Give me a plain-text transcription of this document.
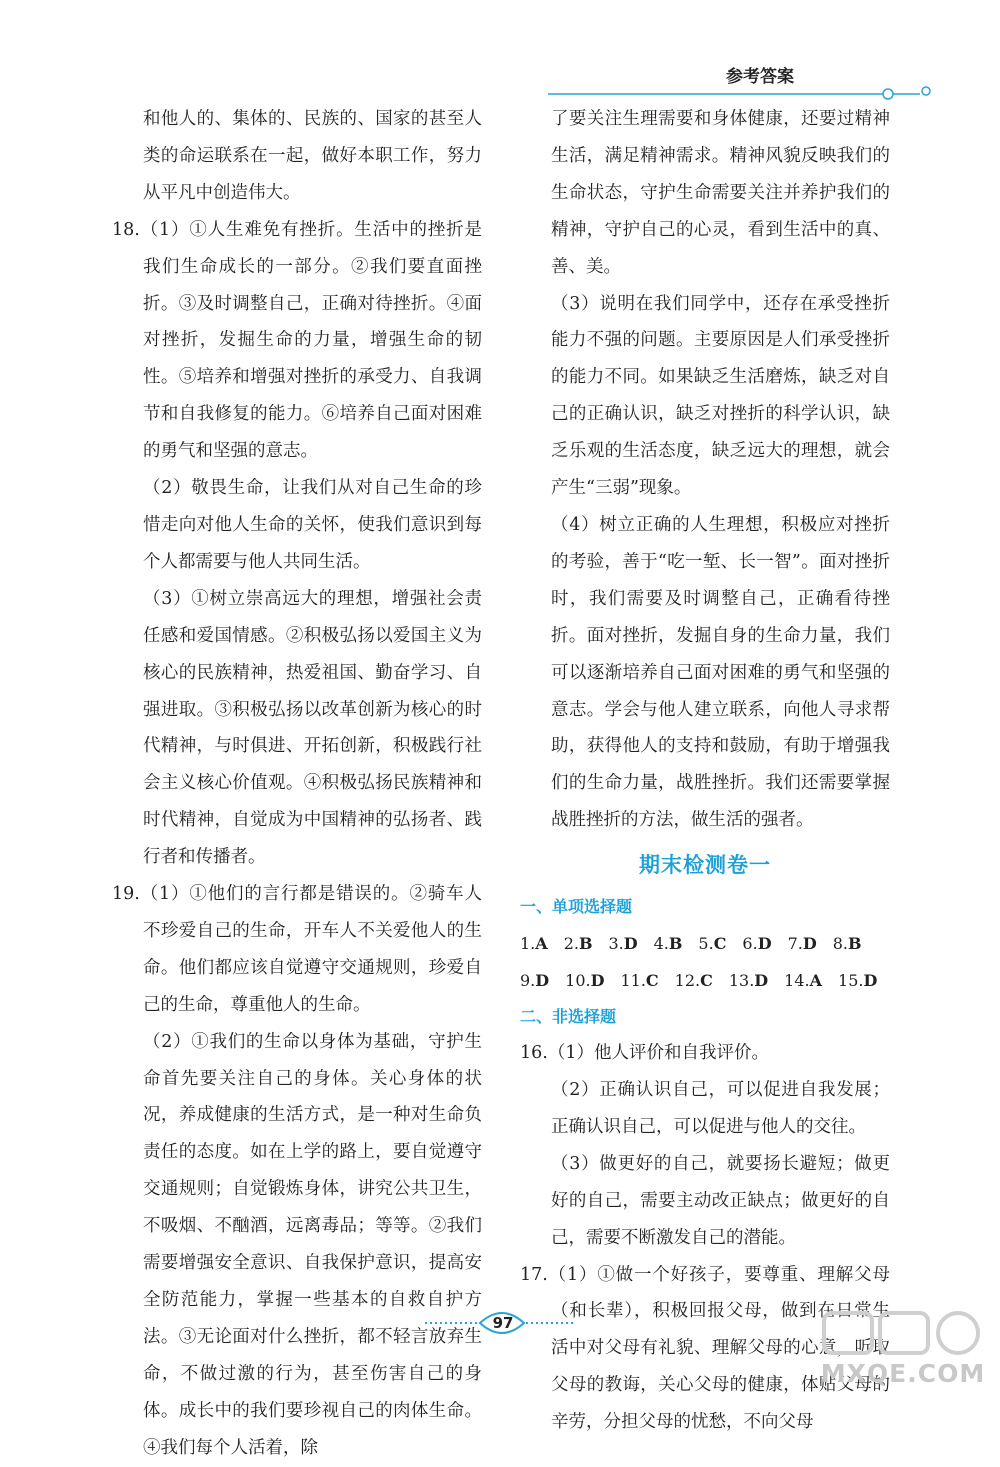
参考答案

和他人的、集体的、民族的、国家的甚至人类的命运联系在一起，做好本职工作，努力从平凡中创造伟大。

18.（1）①人生难免有挫折。生活中的挫折是我们生命成长的一部分。②我们要直面挫折。③及时调整自己，正确对待挫折。④面对挫折，发掘生命的力量，增强生命的韧性。⑤培养和增强对挫折的承受力、自我调节和自我修复的能力。⑥培养自己面对困难的勇气和坚强的意志。

（2）敬畏生命，让我们从对自己生命的珍惜走向对他人生命的关怀，使我们意识到每个人都需要与他人共同生活。

（3）①树立崇高远大的理想，增强社会责任感和爱国情感。②积极弘扬以爱国主义为核心的民族精神，热爱祖国、勤奋学习、自强进取。③积极弘扬以改革创新为核心的时代精神，与时俱进、开拓创新，积极践行社会主义核心价值观。④积极弘扬民族精神和时代精神，自觉成为中国精神的弘扬者、践行者和传播者。

19.（1）①他们的言行都是错误的。②骑车人不珍爱自己的生命，开车人不关爱他人的生命。他们都应该自觉遵守交通规则，珍爱自己的生命，尊重他人的生命。

（2）①我们的生命以身体为基础，守护生命首先要关注自己的身体。关心身体的状况，养成健康的生活方式，是一种对生命负责任的态度。如在上学的路上，要自觉遵守交通规则；自觉锻炼身体，讲究公共卫生，不吸烟、不酗酒，远离毒品；等等。②我们需要增强安全意识、自我保护意识，提高安全防范能力，掌握一些基本的自救自护方法。③无论面对什么挫折，都不轻言放弃生命，不做过激的行为，甚至伤害自己的身体。成长中的我们要珍视自己的肉体生命。④我们每个人活着，除

了要关注生理需要和身体健康，还要过精神生活，满足精神需求。精神风貌反映我们的生命状态，守护生命需要关注并养护我们的精神，守护自己的心灵，看到生活中的真、善、美。

（3）说明在我们同学中，还存在承受挫折能力不强的问题。主要原因是人们承受挫折的能力不同。如果缺乏生活磨炼，缺乏对自己的正确认识，缺乏对挫折的科学认识，缺乏乐观的生活态度，缺乏远大的理想，就会产生“三弱”现象。

（4）树立正确的人生理想，积极应对挫折的考验，善于“吃一堑、长一智”。面对挫折时，我们需要及时调整自己，正确看待挫折。面对挫折，发掘自身的生命力量，我们可以逐渐培养自己面对困难的勇气和坚强的意志。学会与他人建立联系，向他人寻求帮助，获得他人的支持和鼓励，有助于增强我们的生命力量，战胜挫折。我们还需要掌握战胜挫折的方法，做生活的强者。

期末检测卷一
一、单项选择题
1.A 2.B 3.D 4.B 5.C 6.D 7.D 8.B
9.D 10.D 11.C 12.C 13.D 14.A 15.D
二、非选择题

16.（1）他人评价和自我评价。

（2）正确认识自己，可以促进自我发展；正确认识自己，可以促进与他人的交往。

（3）做更好的自己，就要扬长避短；做更好的自己，需要主动改正缺点；做更好的自己，需要不断激发自己的潜能。

17.（1）①做一个好孩子，要尊重、理解父母（和长辈），积极回报父母，做到在日常生活中对父母有礼貌、理解父母的心意，听取父母的教诲，关心父母的健康，体贴父母的辛劳，分担父母的忧愁，不向父母

97
MXQE.COM
